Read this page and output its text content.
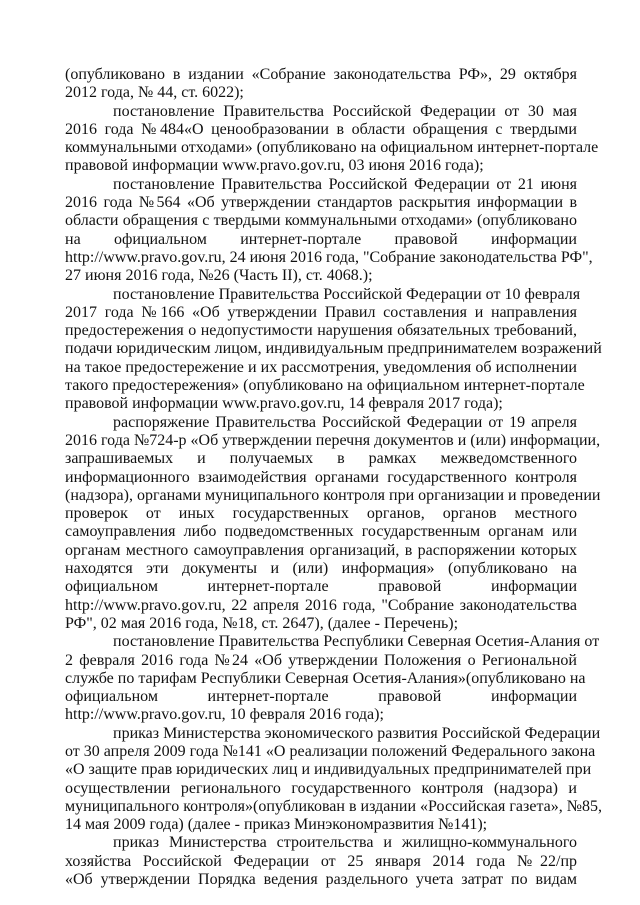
(опубликовано в издании «Собрание законодательства РФ», 29 октября
2012 года, № 44, ст. 6022);
постановление Правительства Российской Федерации от 30 мая
2016 года №484«О ценообразовании в области обращения с твердыми
коммунальными отходами» (опубликовано на официальном интернет-портале
правовой информации www.pravo.gov.ru, 03 июня 2016 года);
постановление Правительства Российской Федерации от 21 июня
2016 года №564 «Об утверждении стандартов раскрытия информации в
области обращения с твердыми коммунальными отходами» (опубликовано
на официальном интернет-портале правовой информации
http://www.pravo.gov.ru, 24 июня 2016 года, "Собрание законодательства РФ",
27 июня 2016 года, №26 (Часть II), ст. 4068.);
постановление Правительства Российской Федерации от 10 февраля
2017 года №166 «Об утверждении Правил составления и направления
предостережения о недопустимости нарушения обязательных требований,
подачи юридическим лицом, индивидуальным предпринимателем возражений
на такое предостережение и их рассмотрения, уведомления об исполнении
такого предостережения» (опубликовано на официальном интернет-портале
правовой информации www.pravo.gov.ru, 14 февраля 2017 года);
распоряжение Правительства Российской Федерации от 19 апреля
2016 года №724-р «Об утверждении перечня документов и (или) информации,
запрашиваемых и получаемых в рамках межведомственного
информационного взаимодействия органами государственного контроля
(надзора), органами муниципального контроля при организации и проведении
проверок от иных государственных органов, органов местного
самоуправления либо подведомственных государственным органам или
органам местного самоуправления организаций, в распоряжении которых
находятся эти документы и (или) информация» (опубликовано на
официальном интернет-портале правовой информации
http://www.pravo.gov.ru, 22 апреля 2016 года, "Собрание законодательства
РФ", 02 мая 2016 года, №18, ст. 2647), (далее - Перечень);
постановление Правительства Республики Северная Осетия-Алания от
2 февраля 2016 года №24 «Об утверждении Положения о Региональной
службе по тарифам Республики Северная Осетия-Алания»(опубликовано на
официальном интернет-портале правовой информации
http://www.pravo.gov.ru, 10 февраля 2016 года);
приказ Министерства экономического развития Российской Федерации
от 30 апреля 2009 года №141 «О реализации положений Федерального закона
«О защите прав юридических лиц и индивидуальных предпринимателей при
осуществлении регионального государственного контроля (надзора) и
муниципального контроля»(опубликован в издании «Российская газета», №85,
14 мая 2009 года) (далее - приказ Минэкономразвития №141);
приказ Министерства строительства и жилищно-коммунального
хозяйства Российской Федерации от 25 января 2014 года №22/пр
«Об утверждении Порядка ведения раздельного учета затрат по видам
